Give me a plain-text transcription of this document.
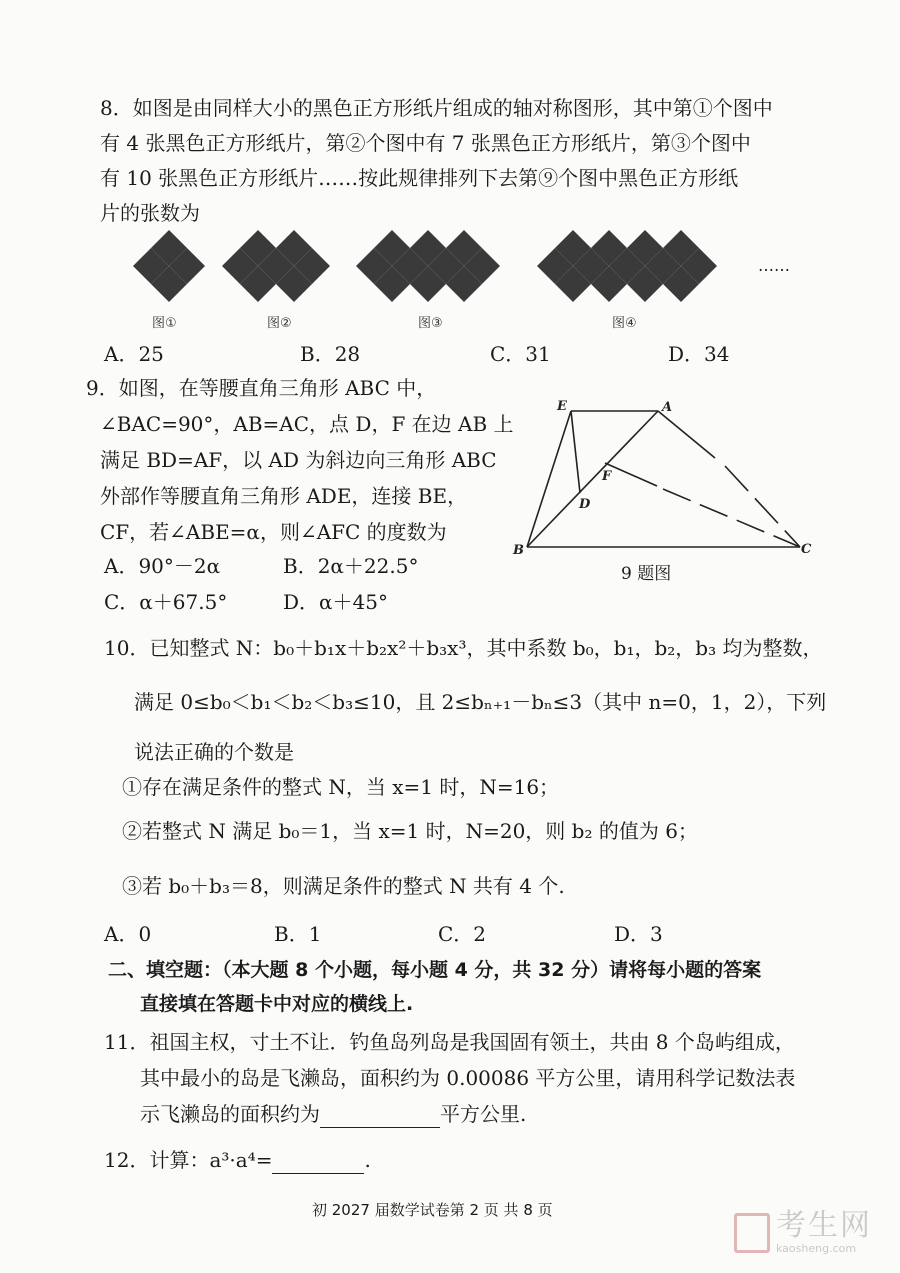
8．如图是由同样大小的黑色正方形纸片组成的轴对称图形，其中第①个图中
有 4 张黑色正方形纸片，第②个图中有 7 张黑色正方形纸片，第③个图中
有 10 张黑色正方形纸片……按此规律排列下去第⑨个图中黑色正方形纸
片的张数为
图①	图②	图③	图④
……
A．25	B．28	C．31	D．34
9．如图，在等腰直角三角形 ABC 中，
∠BAC=90°，AB=AC，点 D，F 在边 AB 上
满足 BD=AF，以 AD 为斜边向三角形 ABC
外部作等腰直角三角形 ADE，连接 BE，
CF，若∠ABE=α，则∠AFC 的度数为
A．90°－2α	B．2α＋22.5°
C．α＋67.5°	D．α＋45°
E	A
F
D
B	C
9 题图
10．已知整式 N：b₀＋b₁x＋b₂x²＋b₃x³，其中系数 b₀，b₁，b₂，b₃ 均为整数，
满足 0≤b₀＜b₁＜b₂＜b₃≤10，且 2≤bₙ₊₁－bₙ≤3（其中 n=0，1，2），下列
说法正确的个数是
①存在满足条件的整式 N，当 x=1 时，N=16；
②若整式 N 满足 b₀＝1，当 x=1 时，N=20，则 b₂ 的值为 6；
③若 b₀＋b₃＝8，则满足条件的整式 N 共有 4 个.
A．0	B．1	C．2	D．3
二、填空题：（本大题 8 个小题，每小题 4 分，共 32 分）请将每小题的答案
直接填在答题卡中对应的横线上.
11．祖国主权，寸土不让．钓鱼岛列岛是我国固有领土，共由 8 个岛屿组成，
其中最小的岛是飞濑岛，面积约为 0.00086 平方公里，请用科学记数法表
示飞濑岛的面积约为	平方公里.
12．计算：a³·a⁴=	.
初 2027 届数学试卷第 2 页 共 8 页	考生网
kaosheng.com
